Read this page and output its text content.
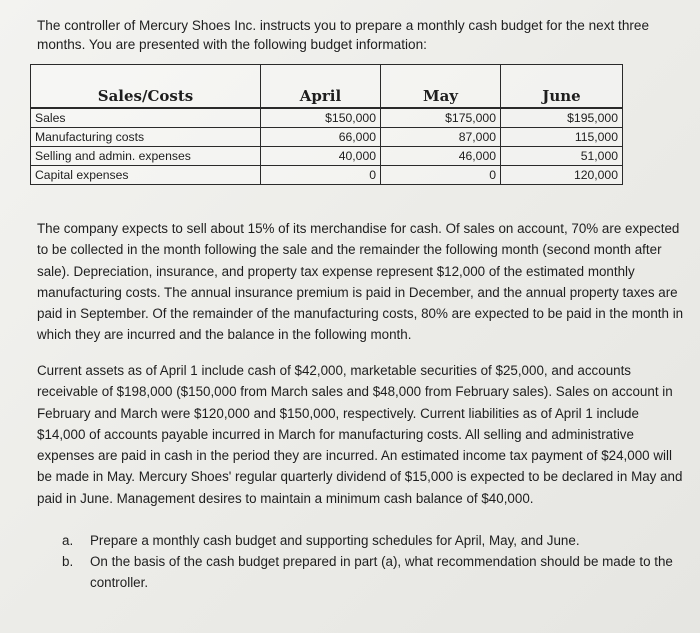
The controller of Mercury Shoes Inc. instructs you to prepare a monthly cash budget for the next three months. You are presented with the following budget information:
Sales/Costs	April	May	June
Sales	$150,000	$175,000	$195,000
Manufacturing costs	66,000	87,000	115,000
Selling and admin. expenses	40,000	46,000	51,000
Capital expenses	0	0	120,000
The company expects to sell about 15% of its merchandise for cash. Of sales on account, 70% are expected to be collected in the month following the sale and the remainder the following month (second month after sale). Depreciation, insurance, and property tax expense represent $12,000 of the estimated monthly manufacturing costs. The annual insurance premium is paid in December, and the annual property taxes are paid in September. Of the remainder of the manufacturing costs, 80% are expected to be paid in the month in which they are incurred and the balance in the following month.
Current assets as of April 1 include cash of $42,000, marketable securities of $25,000, and accounts receivable of $198,000 ($150,000 from March sales and $48,000 from February sales). Sales on account in February and March were $120,000 and $150,000, respectively. Current liabilities as of April 1 include $14,000 of accounts payable incurred in March for manufacturing costs. All selling and administrative expenses are paid in cash in the period they are incurred. An estimated income tax payment of $24,000 will be made in May. Mercury Shoes' regular quarterly dividend of $15,000 is expected to be declared in May and paid in June. Management desires to maintain a minimum cash balance of $40,000.
a.	Prepare a monthly cash budget and supporting schedules for April, May, and June.
b.	On the basis of the cash budget prepared in part (a), what recommendation should be made to the controller.
